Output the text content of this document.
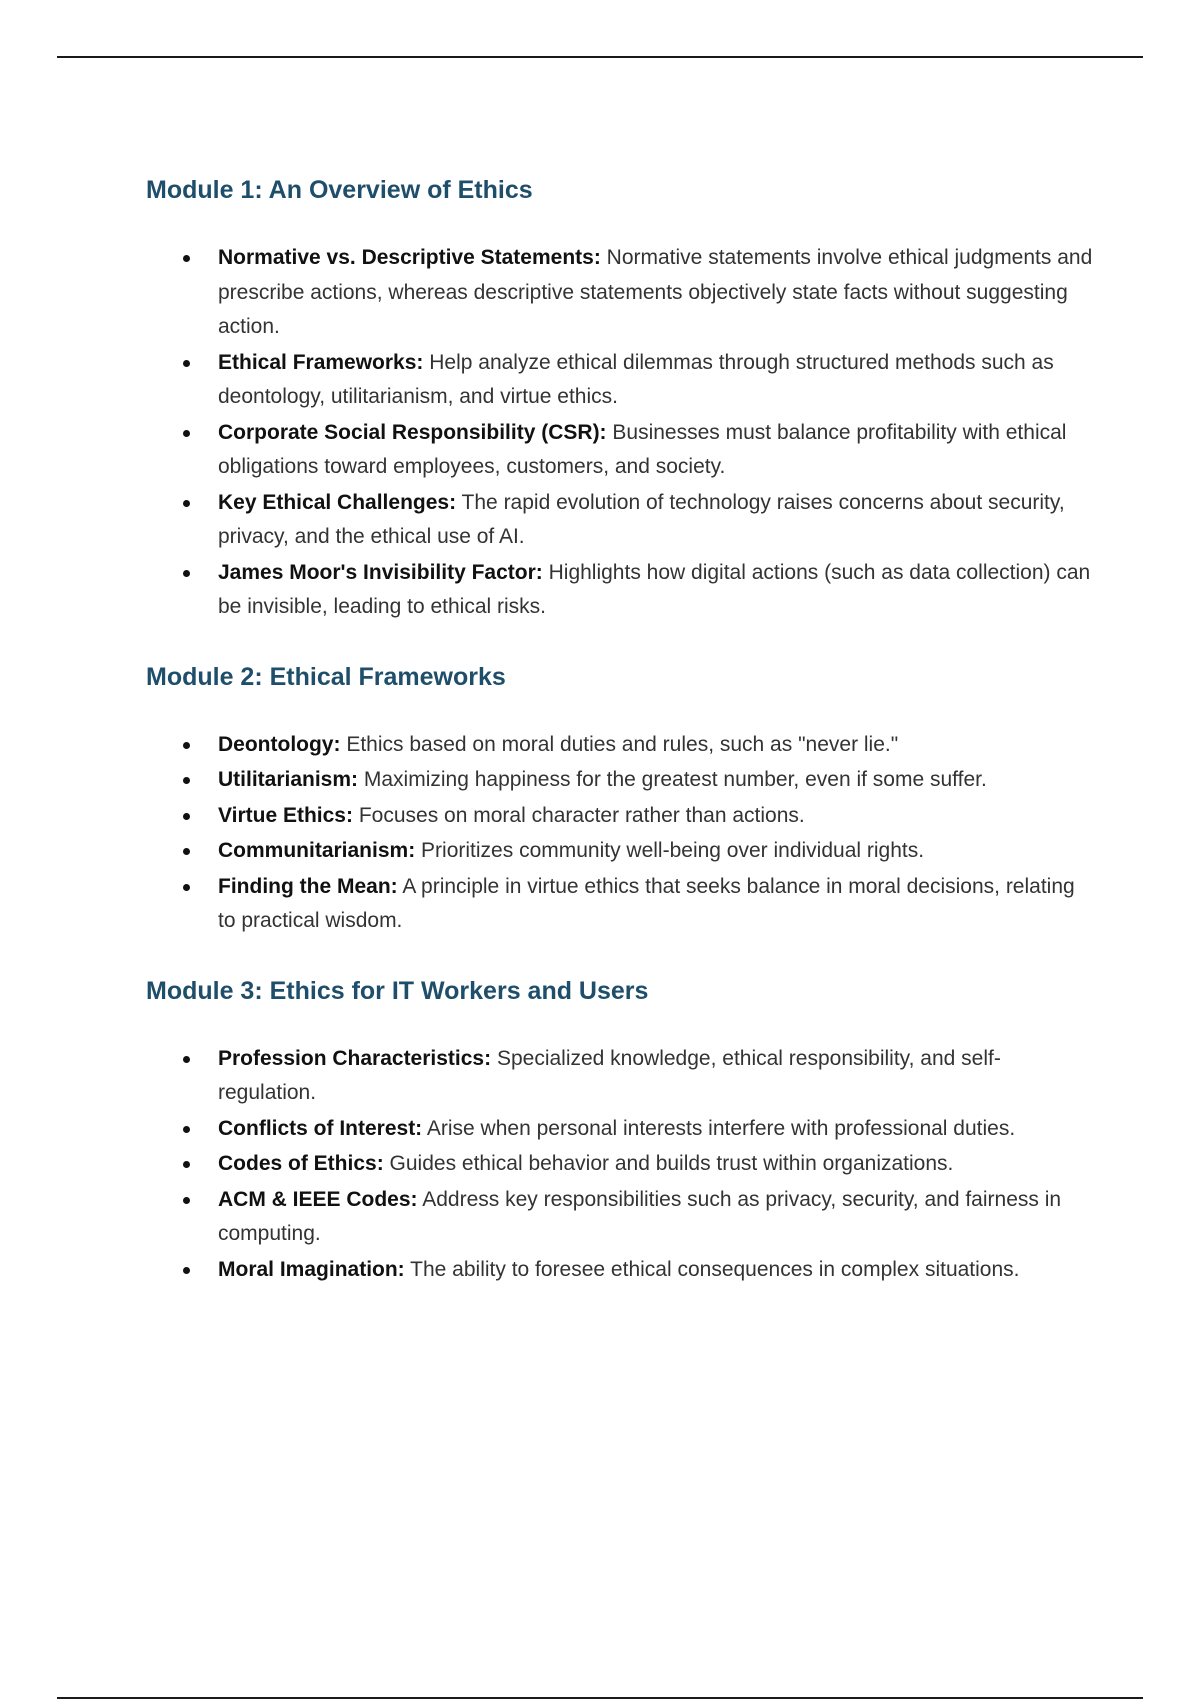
Module 1: An Overview of Ethics
Normative vs. Descriptive Statements: Normative statements involve ethical judgments and prescribe actions, whereas descriptive statements objectively state facts without suggesting action.
Ethical Frameworks: Help analyze ethical dilemmas through structured methods such as deontology, utilitarianism, and virtue ethics.
Corporate Social Responsibility (CSR): Businesses must balance profitability with ethical obligations toward employees, customers, and society.
Key Ethical Challenges: The rapid evolution of technology raises concerns about security, privacy, and the ethical use of AI.
James Moor's Invisibility Factor: Highlights how digital actions (such as data collection) can be invisible, leading to ethical risks.
Module 2: Ethical Frameworks
Deontology: Ethics based on moral duties and rules, such as "never lie."
Utilitarianism: Maximizing happiness for the greatest number, even if some suffer.
Virtue Ethics: Focuses on moral character rather than actions.
Communitarianism: Prioritizes community well-being over individual rights.
Finding the Mean: A principle in virtue ethics that seeks balance in moral decisions, relating to practical wisdom.
Module 3: Ethics for IT Workers and Users
Profession Characteristics: Specialized knowledge, ethical responsibility, and self-regulation.
Conflicts of Interest: Arise when personal interests interfere with professional duties.
Codes of Ethics: Guides ethical behavior and builds trust within organizations.
ACM & IEEE Codes: Address key responsibilities such as privacy, security, and fairness in computing.
Moral Imagination: The ability to foresee ethical consequences in complex situations.
